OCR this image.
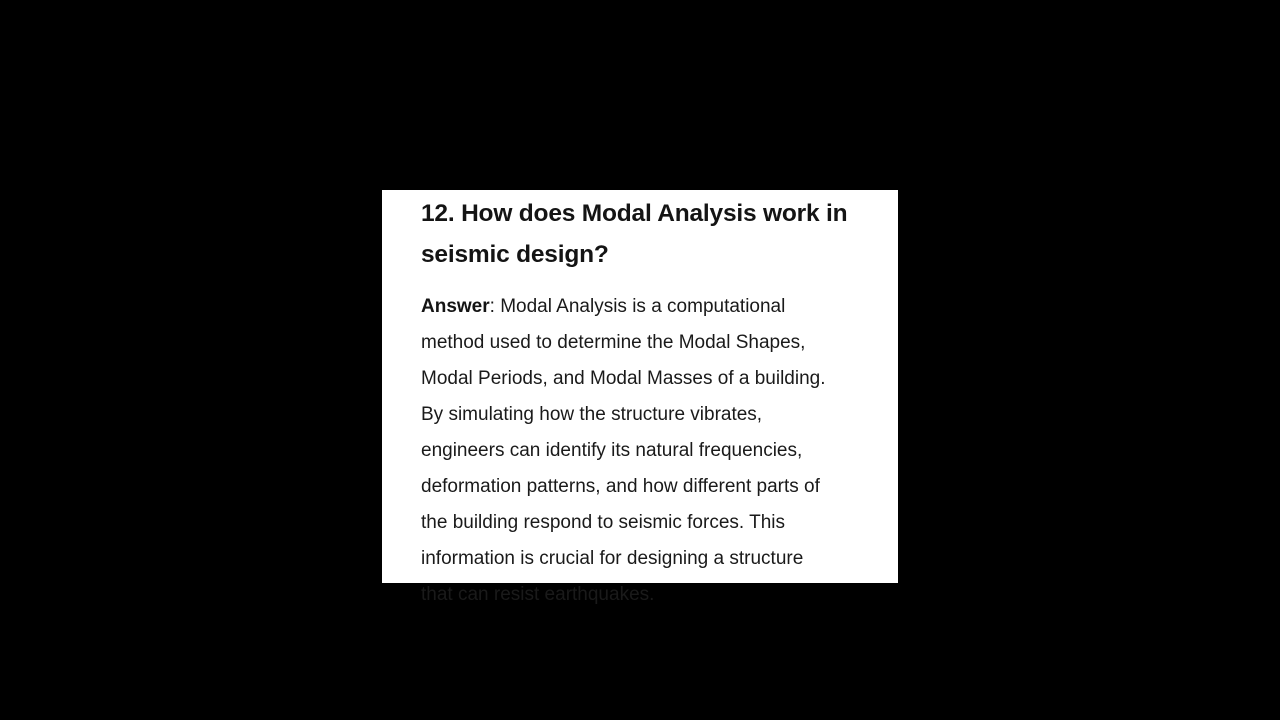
12. How does Modal Analysis work in
seismic design?

Answer: Modal Analysis is a computational
method used to determine the Modal Shapes,
Modal Periods, and Modal Masses of a building.
By simulating how the structure vibrates,
engineers can identify its natural frequencies,
deformation patterns, and how different parts of
the building respond to seismic forces. This
information is crucial for designing a structure
that can resist earthquakes.
